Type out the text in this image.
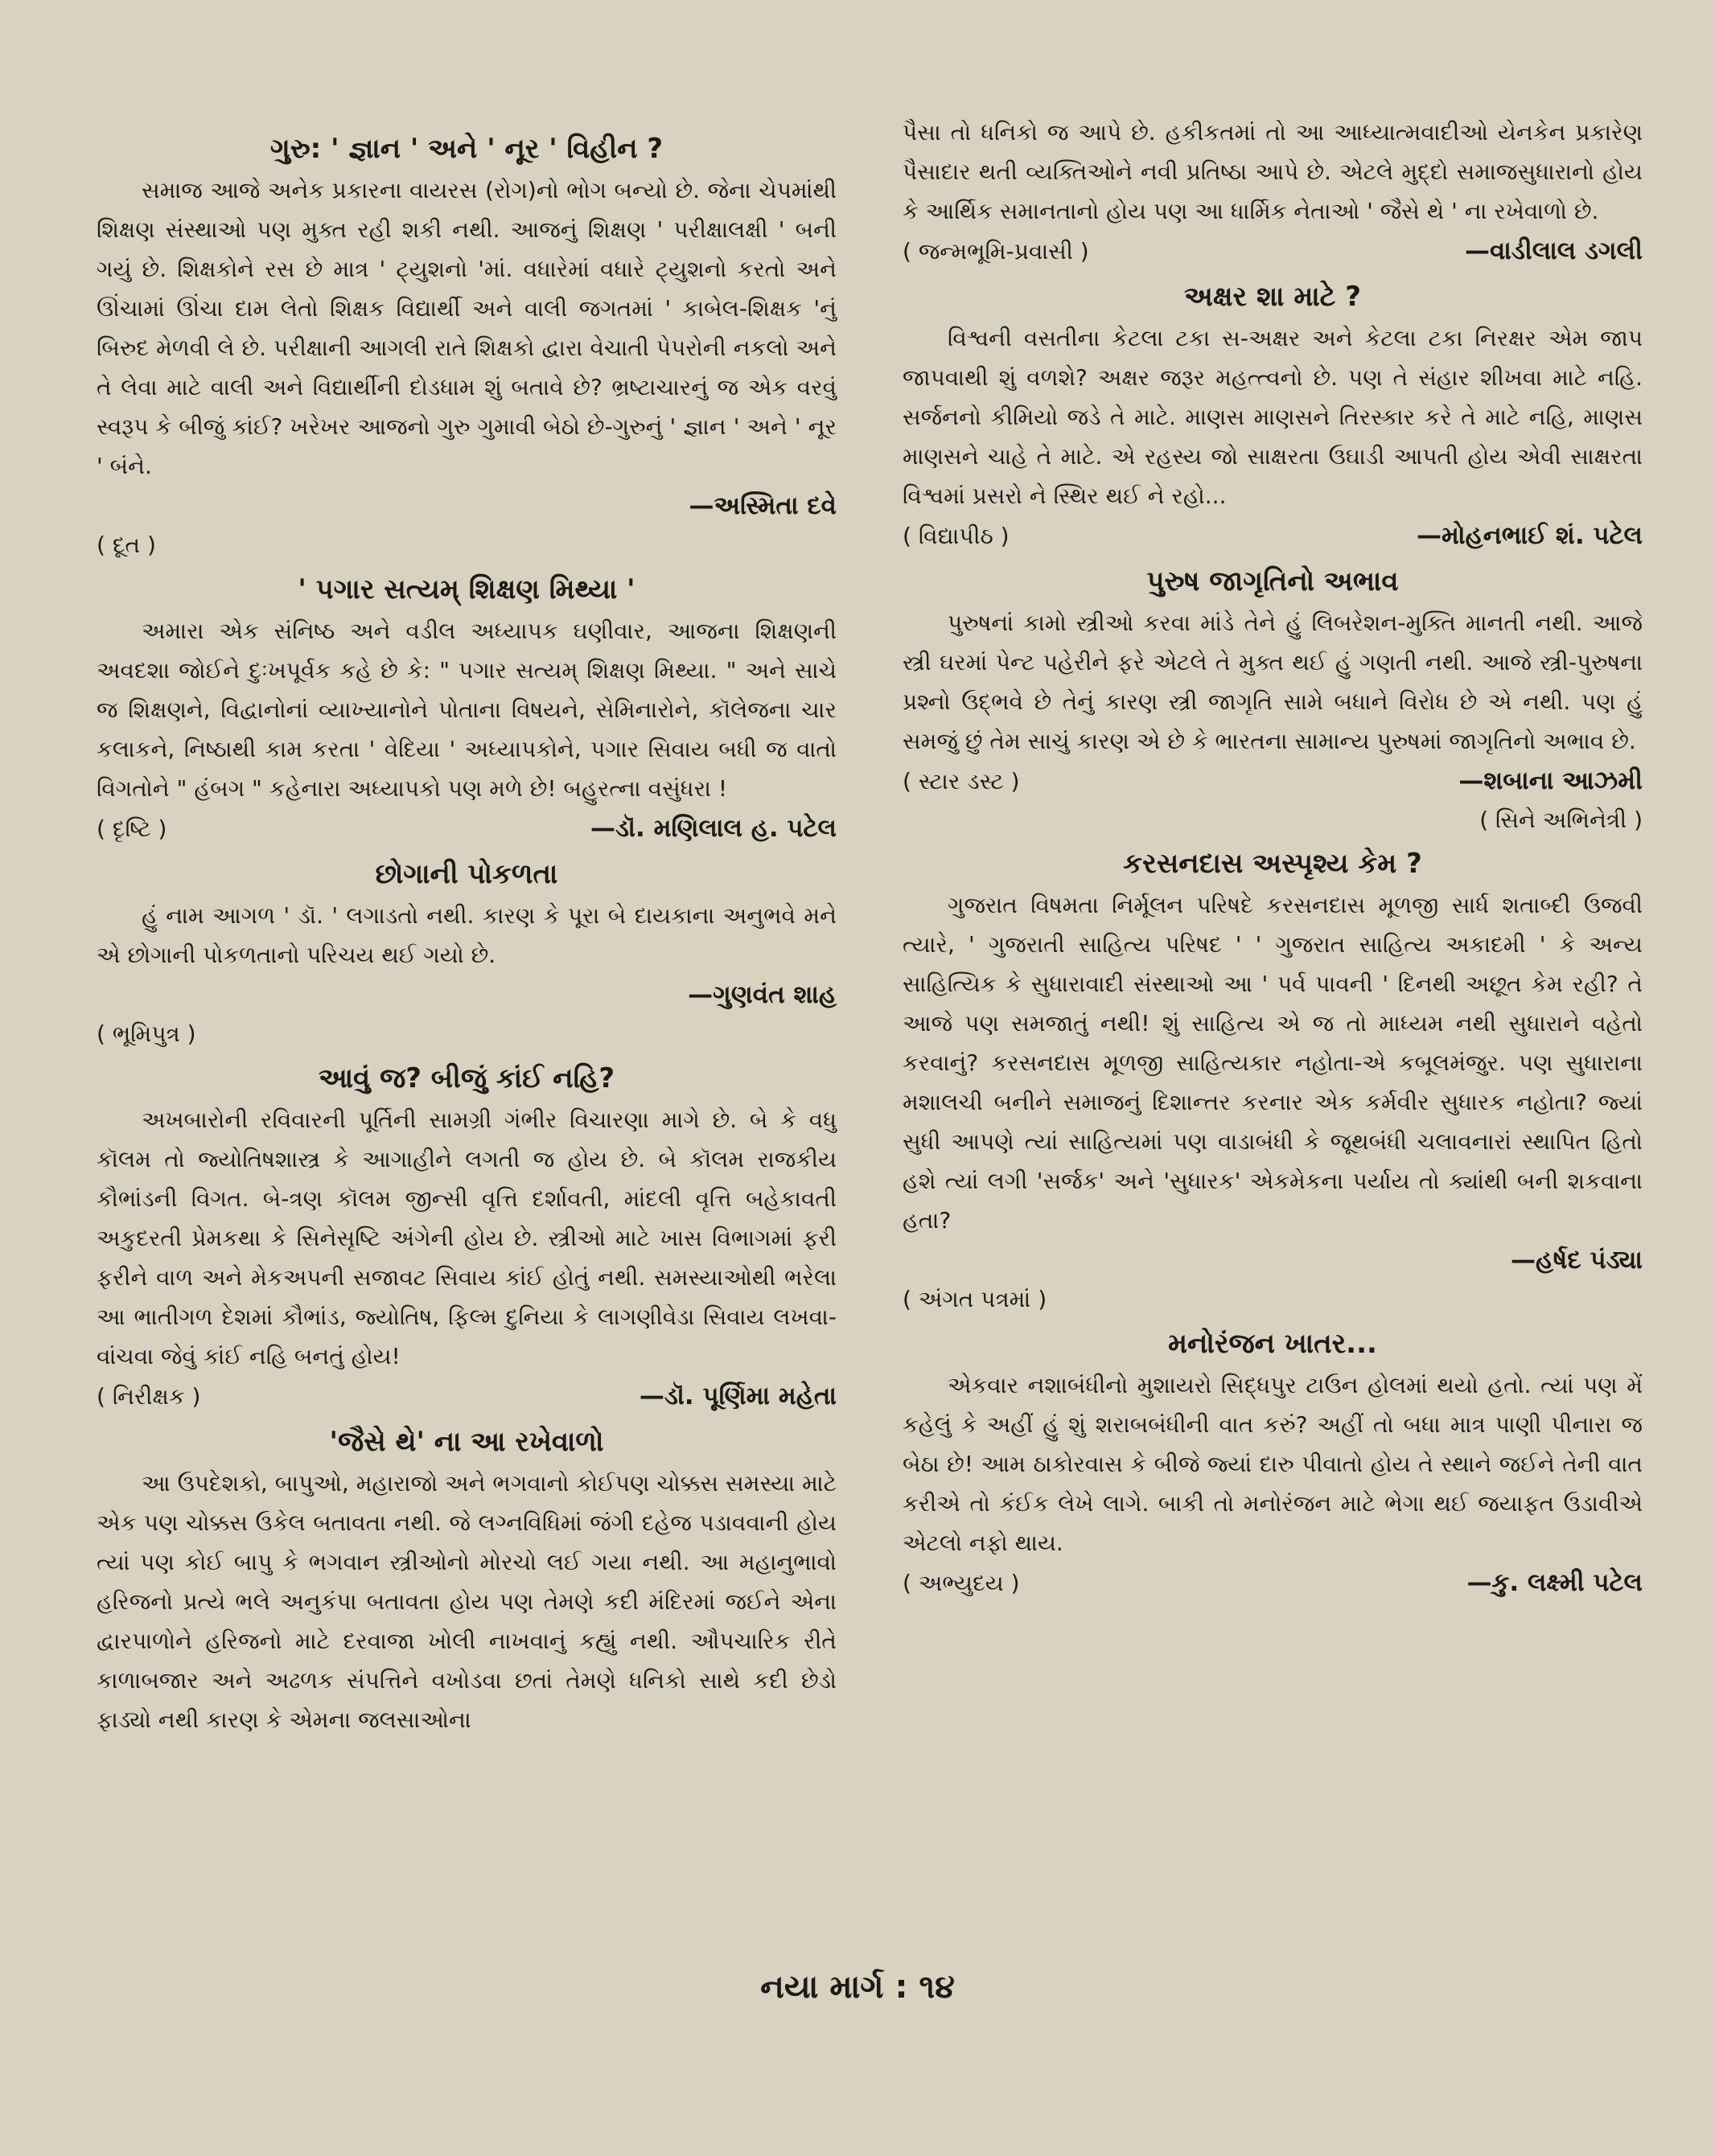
ગુરુ: ' જ્ઞાન ' અને ' નૂર ' વિહીન ?

સમાજ આજે અનેક પ્રકારના વાયરસ (રોગ)નો ભોગ બન્યો છે. જેના ચેપમાંથી શિક્ષણ સંસ્થાઓ પણ મુક્ત રહી શકી નથી. આજનું શિક્ષણ ' પરીક્ષાલક્ષી ' બની ગયું છે. શિક્ષકોને રસ છે માત્ર ' ટ્યુશનો 'માં. વધારેમાં વધારે ટ્યુશનો કરતો અને ઊંચામાં ઊંચા દામ લેતો શિક્ષક વિદ્યાર્થી અને વાલી જગતમાં ' કાબેલ-શિક્ષક 'નું બિરુદ મેળવી લે છે. પરીક્ષાની આગલી રાતે શિક્ષકો દ્વારા વેચાતી પેપરોની નકલો અને તે લેવા માટે વાલી અને વિદ્યાર્થીની દોડધામ શું બતાવે છે? ભ્રષ્ટાચારનું જ એક વરવું સ્વરૂપ કે બીજું કાંઈ? ખરેખર આજનો ગુરુ ગુમાવી બેઠો છે-ગુરુનું ' જ્ઞાન ' અને ' નૂર ' બંને.

—અસ્મિતા દવે
( દૂત )
' પગાર સત્યમ્ શિક્ષણ મિથ્યા '

અમારા એક સંનિષ્ઠ અને વડીલ અધ્યાપક ઘણીવાર, આજના શિક્ષણની અવદશા જોઈને દુઃખપૂર્વક કહે છે કે: " પગાર સત્યમ્ શિક્ષણ મિથ્યા. " અને સાચે જ શિક્ષણને, વિદ્વાનોનાં વ્યાખ્યાનોને પોતાના વિષયને, સેમિનારોને, કૉલેજના ચાર કલાકને, નિષ્ઠાથી કામ કરતા ' વેદિયા ' અધ્યાપકોને, પગાર સિવાય બધી જ વાતો વિગતોને " હંબગ " કહેનારા અધ્યાપકો પણ મળે છે! બહુરત્ના વસુંધરા !

( દૃષ્ટિ )	—ડૉ. મણિલાલ હ. પટેલ
છોગાની પોકળતા

હું નામ આગળ ' ડૉ. ' લગાડતો નથી. કારણ કે પૂરા બે દાયકાના અનુભવે મને એ છોગાની પોકળતાનો પરિચય થઈ ગયો છે.

—ગુણવંત શાહ
( ભૂમિપુત્ર )
આવું જ? બીજું કાંઈ નહિ?

અખબારોની રવિવારની પૂર્તિની સામગ્રી ગંભીર વિચારણા માગે છે. બે કે વધુ કૉલમ તો જ્યોતિષશાસ્ત્ર કે આગાહીને લગતી જ હોય છે. બે કૉલમ રાજકીય કૌભાંડની વિગત. બે-ત્રણ કૉલમ જીન્સી વૃત્તિ દર્શાવતી, માંદલી વૃત્તિ બહેકાવતી અકુદરતી પ્રેમકથા કે સિનેસૃષ્ટિ અંગેની હોય છે. સ્ત્રીઓ માટે ખાસ વિભાગમાં ફરી ફરીને વાળ અને મેકઅપની સજાવટ સિવાય કાંઈ હોતું નથી. સમસ્યાઓથી ભરેલા આ ભાતીગળ દેશમાં કૌભાંડ, જ્યોતિષ, ફિલ્મ દુનિયા કે લાગણીવેડા સિવાય લખવા-વાંચવા જેવું કાંઈ નહિ બનતું હોય!

( નિરીક્ષક )	—ડૉ. પૂર્ણિમા મહેતા
'જૈસે થે' ના આ રખેવાળો

આ ઉપદેશકો, બાપુઓ, મહારાજો અને ભગવાનો કોઈપણ ચોક્કસ સમસ્યા માટે એક પણ ચોક્કસ ઉકેલ બતાવતા નથી. જે લગ્નવિધિમાં જંગી દહેજ પડાવવાની હોય ત્યાં પણ કોઈ બાપુ કે ભગવાન સ્ત્રીઓનો મોરચો લઈ ગયા નથી. આ મહાનુભાવો હરિજનો પ્રત્યે ભલે અનુકંપા બતાવતા હોય પણ તેમણે કદી મંદિરમાં જઈને એના દ્વારપાળોને હરિજનો માટે દરવાજા ખોલી નાખવાનું કહ્યું નથી. ઔપચારિક રીતે કાળાબજાર અને અઢળક સંપત્તિને વખોડવા છતાં તેમણે ધનિકો સાથે કદી છેડો ફાડ્યો નથી કારણ કે એમના જલસાઓના

પૈસા તો ધનિકો જ આપે છે. હકીકતમાં તો આ આધ્યાત્મવાદીઓ યેનકેન પ્રકારેણ પૈસાદાર થતી વ્યક્તિઓને નવી પ્રતિષ્ઠા આપે છે. એટલે મુદ્દો સમાજસુધારાનો હોય કે આર્થિક સમાનતાનો હોય પણ આ ધાર્મિક નેતાઓ ' જૈસે થે ' ના રખેવાળો છે.

( જન્મભૂમિ-પ્રવાસી )	—વાડીલાલ ડગલી
અક્ષર શા માટે ?

વિશ્વની વસતીના કેટલા ટકા સ-અક્ષર અને કેટલા ટકા નિરક્ષર એમ જાપ જાપવાથી શું વળશે? અક્ષર જરૂર મહત્ત્વનો છે. પણ તે સંહાર શીખવા માટે નહિ. સર્જનનો કીમિયો જડે તે માટે. માણસ માણસને તિરસ્કાર કરે તે માટે નહિ, માણસ માણસને ચાહે તે માટે. એ રહસ્ય જો સાક્ષરતા ઉઘાડી આપતી હોય એવી સાક્ષરતા વિશ્વમાં પ્રસરો ને સ્થિર થઈ ને રહો...

( વિદ્યાપીઠ )	—મોહનભાઈ શં. પટેલ
પુરુષ જાગૃતિનો અભાવ

પુરુષનાં કામો સ્ત્રીઓ કરવા માંડે તેને હું લિબરેશન-મુક્તિ માનતી નથી. આજે સ્ત્રી ઘરમાં પેન્ટ પહેરીને ફરે એટલે તે મુક્ત થઈ હું ગણતી નથી. આજે સ્ત્રી-પુરુષના પ્રશ્નો ઉદ્ભવે છે તેનું કારણ સ્ત્રી જાગૃતિ સામે બધાને વિરોધ છે એ નથી. પણ હું સમજું છું તેમ સાચું કારણ એ છે કે ભારતના સામાન્ય પુરુષમાં જાગૃતિનો અભાવ છે.

( સ્ટાર ડસ્ટ )	—શબાના આઝમી
( સિને અભિનેત્રી )
કરસનદાસ અસ્પૃશ્ય કેમ ?

ગુજરાત વિષમતા નિર્મૂલન પરિષદે કરસનદાસ મૂળજી સાર્ધ શતાબ્દી ઉજવી ત્યારે, ' ગુજરાતી સાહિત્ય પરિષદ ' ' ગુજરાત સાહિત્ય અકાદમી ' કે અન્ય સાહિત્યિક કે સુધારાવાદી સંસ્થાઓ આ ' પર્વ પાવની ' દિનથી અછૂત કેમ રહી? તે આજે પણ સમજાતું નથી! શું સાહિત્ય એ જ તો માધ્યમ નથી સુધારાને વહેતો કરવાનું? કરસનદાસ મૂળજી સાહિત્યકાર નહોતા-એ કબૂલમંજુર. પણ સુધારાના મશાલચી બનીને સમાજનું દિશાન્તર કરનાર એક કર્મવીર સુધારક નહોતા? જ્યાં સુધી આપણે ત્યાં સાહિત્યમાં પણ વાડાબંધી કે જૂથબંધી ચલાવનારાં સ્થાપિત હિતો હશે ત્યાં લગી 'સર્જક' અને 'સુધારક' એકમેકના પર્યાય તો ક્યાંથી બની શકવાના હતા?

—હર્ષદ પંડ્યા
( અંગત પત્રમાં )
મનોરંજન ખાતર...

એકવાર નશાબંધીનો મુશાયરો સિદ્ધપુર ટાઉન હોલમાં થયો હતો. ત્યાં પણ મેં કહેલું કે અહીં હું શું શરાબબંધીની વાત કરું? અહીં તો બધા માત્ર પાણી પીનારા જ બેઠા છે! આમ ઠાકોરવાસ કે બીજે જ્યાં દારુ પીવાતો હોય તે સ્થાને જઈને તેની વાત કરીએ તો કંઈક લેખે લાગે. બાકી તો મનોરંજન માટે ભેગા થઈ જયાફત ઉડાવીએ એટલો નફો થાય.

( અભ્યુદય )	—કુ. લક્ષ્મી પટેલ
નયા માર્ગ : ૧૪
